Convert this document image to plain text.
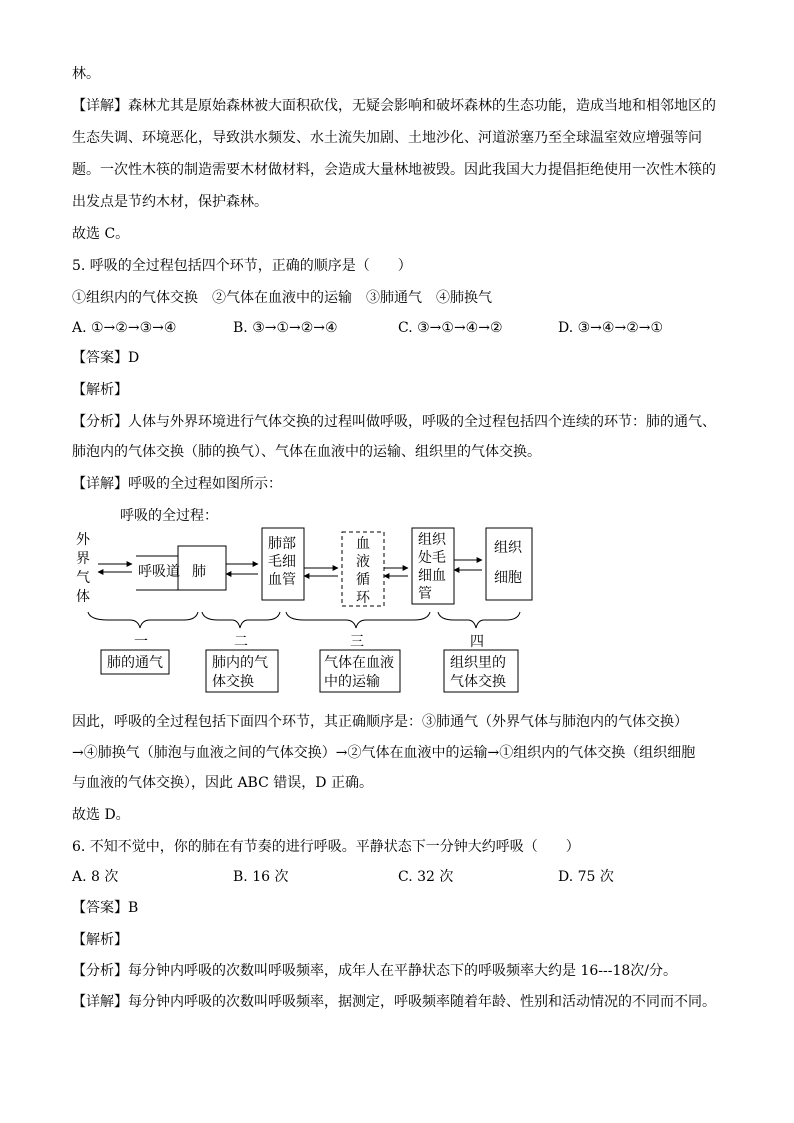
林。
【详解】森林尤其是原始森林被大面积砍伐，无疑会影响和破坏森林的生态功能，造成当地和相邻地区的
生态失调、环境恶化，导致洪水频发、水土流失加剧、土地沙化、河道淤塞乃至全球温室效应增强等问
题。一次性木筷的制造需要木材做材料，会造成大量林地被毁。因此我国大力提倡拒绝使用一次性木筷的
出发点是节约木材，保护森林。
故选 C。
5. 呼吸的全过程包括四个环节，正确的顺序是（　　）
①组织内的气体交换　②气体在血液中的运输　③肺通气　④肺换气
A. ①→②→③→④	B. ③→①→②→④	C. ③→①→④→②	D. ③→④→②→①
【答案】D
【解析】
【分析】人体与外界环境进行气体交换的过程叫做呼吸，呼吸的全过程包括四个连续的环节：肺的通气、
肺泡内的气体交换（肺的换气）、气体在血液中的运输、组织里的气体交换。
【详解】呼吸的全过程如图所示：
呼吸的全过程：
外
界
气
体
呼吸道 肺
肺部
毛细
血管
血
液
循
环
组织
处毛
细血
管
组织
细胞
一	二	三	四
肺的通气	肺内的气
体交换
气体在血液
中的运输
组织里的
气体交换
因此，呼吸的全过程包括下面四个环节，其正确顺序是：③肺通气（外界气体与肺泡内的气体交换）
→④肺换气（肺泡与血液之间的气体交换）→②气体在血液中的运输→①组织内的气体交换（组织细胞
与血液的气体交换），因此 ABC 错误，D 正确。
故选 D。
6. 不知不觉中，你的肺在有节奏的进行呼吸。平静状态下一分钟大约呼吸（　　）
A. 8 次	B. 16 次	C. 32 次	D. 75 次
【答案】B
【解析】
【分析】每分钟内呼吸的次数叫呼吸频率，成年人在平静状态下的呼吸频率大约是 16---18次/分。
【详解】每分钟内呼吸的次数叫呼吸频率，据测定，呼吸频率随着年龄、性别和活动情况的不同而不同。
